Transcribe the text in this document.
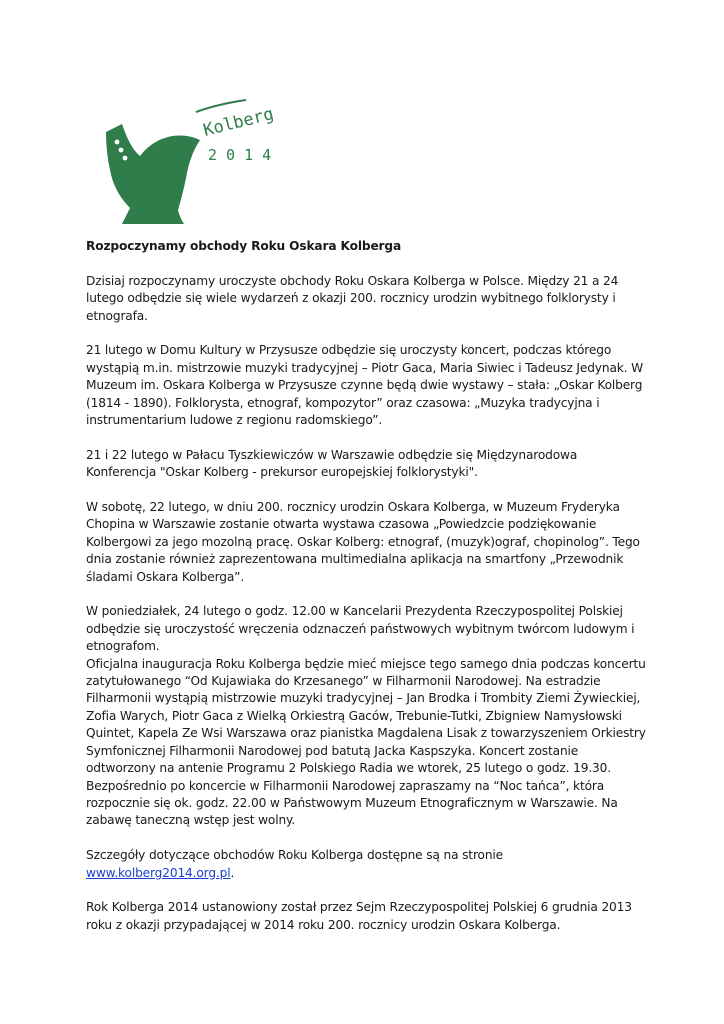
Kolberg
2 0 1 4

Rozpoczynamy obchody Roku Oskara Kolberga

Dzisiaj rozpoczynamy uroczyste obchody Roku Oskara Kolberga w Polsce. Między 21 a 24 lutego odbędzie się wiele wydarzeń z okazji 200. rocznicy urodzin wybitnego folklorysty i etnografa.

21 lutego w Domu Kultury w Przysusze odbędzie się uroczysty koncert, podczas którego wystąpią m.in. mistrzowie muzyki tradycyjnej – Piotr Gaca, Maria Siwiec i Tadeusz Jedynak. W Muzeum im. Oskara Kolberga w Przysusze czynne będą dwie wystawy – stała: „Oskar Kolberg (1814 - 1890). Folklorysta, etnograf, kompozytor” oraz czasowa: „Muzyka tradycyjna i instrumentarium ludowe z regionu radomskiego”.

21 i 22 lutego w Pałacu Tyszkiewiczów w Warszawie odbędzie się Międzynarodowa Konferencja "Oskar Kolberg - prekursor europejskiej folklorystyki".

W sobotę, 22 lutego, w dniu 200. rocznicy urodzin Oskara Kolberga, w Muzeum Fryderyka Chopina w Warszawie zostanie otwarta wystawa czasowa „Powiedzcie podziękowanie Kolbergowi za jego mozolną pracę. Oskar Kolberg: etnograf, (muzyk)ograf, chopinolog”. Tego dnia zostanie również zaprezentowana multimedialna aplikacja na smartfony „Przewodnik śladami Oskara Kolberga”.

W poniedziałek, 24 lutego o godz. 12.00 w Kancelarii Prezydenta Rzeczypospolitej Polskiej odbędzie się uroczystość wręczenia odznaczeń państwowych wybitnym twórcom ludowym i etnografom.

Oficjalna inauguracja Roku Kolberga będzie mieć miejsce tego samego dnia podczas koncertu zatytułowanego “Od Kujawiaka do Krzesanego” w Filharmonii Narodowej. Na estradzie Filharmonii wystąpią mistrzowie muzyki tradycyjnej – Jan Brodka i Trombity Ziemi Żywieckiej, Zofia Warych, Piotr Gaca z Wielką Orkiestrą Gaców, Trebunie-Tutki, Zbigniew Namysłowski Quintet, Kapela Ze Wsi Warszawa oraz pianistka Magdalena Lisak z towarzyszeniem Orkiestry Symfonicznej Filharmonii Narodowej pod batutą Jacka Kaspszyka. Koncert zostanie odtworzony na antenie Programu 2 Polskiego Radia we wtorek, 25 lutego o godz. 19.30.

Bezpośrednio po koncercie w Filharmonii Narodowej zapraszamy na “Noc tańca”, która rozpocznie się ok. godz. 22.00 w Państwowym Muzeum Etnograficznym w Warszawie. Na zabawę taneczną wstęp jest wolny.

Szczegóły dotyczące obchodów Roku Kolberga dostępne są na stronie www.kolberg2014.org.pl.

Rok Kolberga 2014 ustanowiony został przez Sejm Rzeczypospolitej Polskiej 6 grudnia 2013 roku z okazji przypadającej w 2014 roku 200. rocznicy urodzin Oskara Kolberga.
